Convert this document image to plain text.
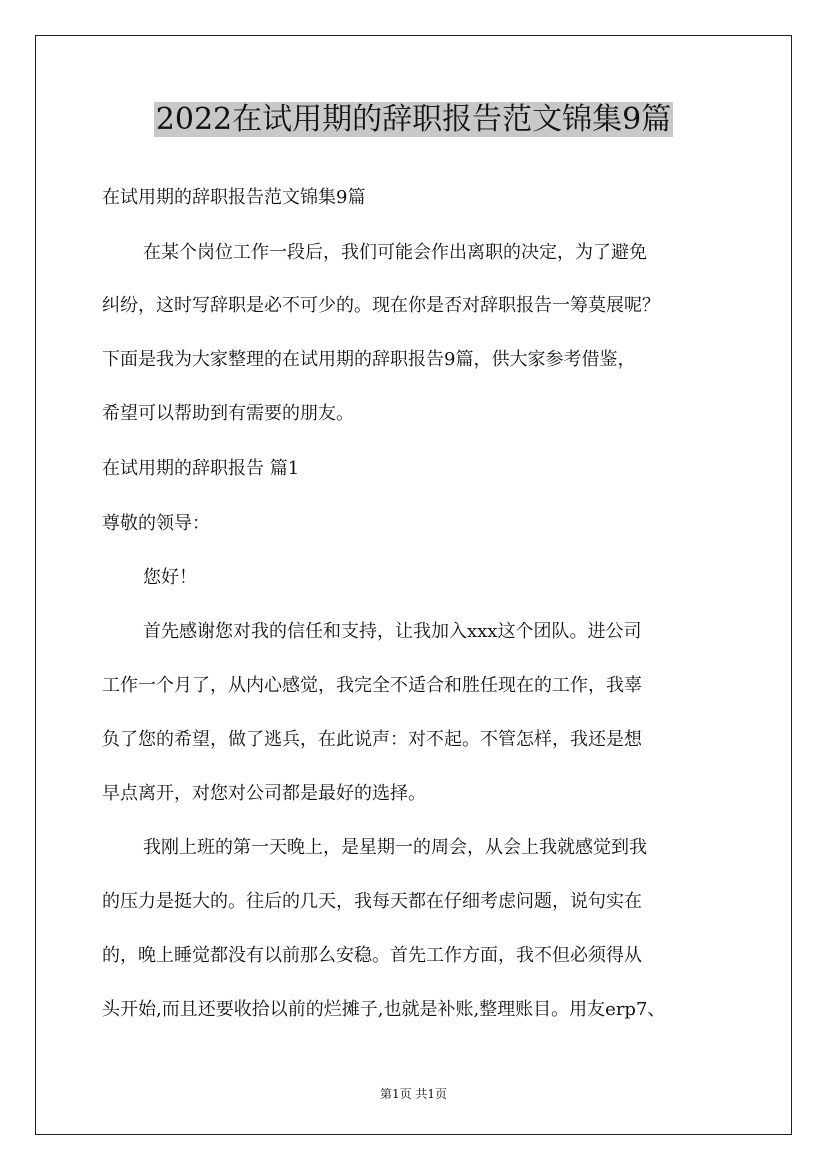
2022在试用期的辞职报告范文锦集9篇
在试用期的辞职报告范文锦集9篇
在某个岗位工作一段后，我们可能会作出离职的决定，为了避免
纠纷，这时写辞职是必不可少的。现在你是否对辞职报告一筹莫展呢？
下面是我为大家整理的在试用期的辞职报告9篇，供大家参考借鉴，
希望可以帮助到有需要的朋友。
在试用期的辞职报告 篇1
尊敬的领导：
您好！
首先感谢您对我的信任和支持，让我加入xxx这个团队。进公司
工作一个月了，从内心感觉，我完全不适合和胜任现在的工作，我辜
负了您的希望，做了逃兵，在此说声：对不起。不管怎样，我还是想
早点离开，对您对公司都是最好的选择。
我刚上班的第一天晚上，是星期一的周会，从会上我就感觉到我
的压力是挺大的。往后的几天，我每天都在仔细考虑问题，说句实在
的，晚上睡觉都没有以前那么安稳。首先工作方面，我不但必须得从
头开始,而且还要收拾以前的烂摊子,也就是补账,整理账目。用友erp7、
第1页 共1页
